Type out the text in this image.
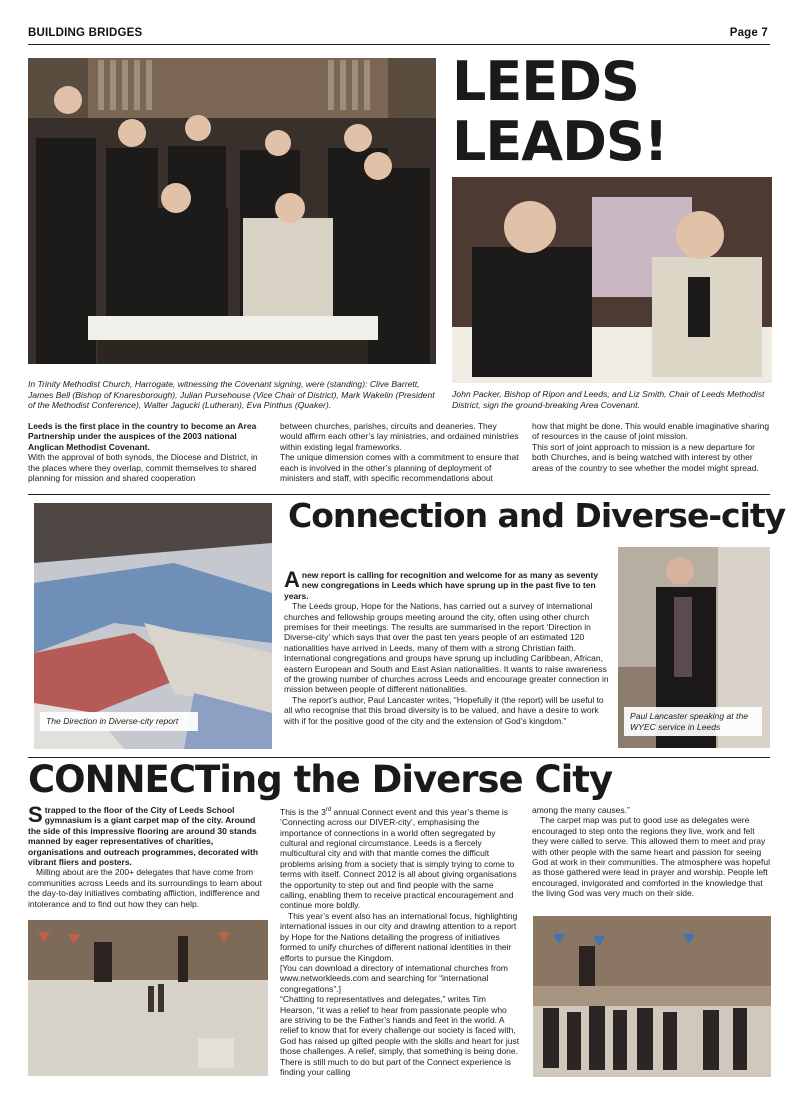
BUILDING BRIDGES	Page 7
LEEDS
LEADS!
In Trinity Methodist Church, Harrogate, witnessing the Covenant signing, were (standing): Clive Barrett, James Bell (Bishop of Knaresborough), Julian Pursehouse (Vice Chair of District), Mark Wakelin (President of the Methodist Conference), Walter Jagucki (Lutheran), Eva Pinthus (Quaker).
John Packer, Bishop of Ripon and Leeds, and Liz Smith, Chair of Leeds Methodist District, sign the ground-breaking Area Covenant.

Leeds is the first place in the country to become an Area Partnership under the auspices of the 2003 national Anglican Methodist Covenant.

With the approval of both synods, the Diocese and District, in the places where they overlap, commit themselves to shared planning for mission and shared cooperation

between churches, parishes, circuits and deaneries. They would affirm each other’s lay ministries, and ordained ministries within existing legal frameworks.

The unique dimension comes with a commitment to ensure that each is involved in the other’s planning of deployment of ministers and staff, with specific recommendations about

how that might be done. This would enable imaginative sharing of resources in the cause of joint mission.

This sort of joint approach to mission is a new departure for both Churches, and is being watched with interest by other areas of the country to see whether the model might spread.

The Direction in Diverse-city report
Connection and Diverse-city

Anew report is calling for recognition and welcome for as many as seventy new congregations in Leeds which have sprung up in the past five to ten years.

The Leeds group, Hope for the Nations, has carried out a survey of international churches and fellowship groups meeting around the city, often using other church premises for their meetings. The results are summarised in the report ‘Direction in Diverse-city’ which says that over the past ten years people of an estimated 120 nationalities have arrived in Leeds, many of them with a strong Christian faith. International congregations and groups have sprung up including Caribbean, African, eastern European and South and East Asian nationalities. It wants to raise awareness of the growing number of churches across Leeds and encourage greater connection in mission between people of different nationalities.

The report’s author, Paul Lancaster writes, “Hopefully it (the report) will be useful to all who recognise that this broad diversity is to be valued, and have a desire to work with if for the positive good of the city and the extension of God’s kingdom.”	Paul Lancaster speaking at the WYEC service in Leeds
CONNECTing the Diverse City

Strapped to the floor of the City of Leeds School gymnasium is a giant carpet map of the city. Around the side of this impressive flooring are around 30 stands manned by eager representatives of charities, organisations and outreach programmes, decorated with vibrant fliers and posters.

Milling about are the 200+ delegates that have come from communities across Leeds and its surroundings to learn about the day-to-day initiatives combating affliction, indifference and intolerance and to find out how they can help.

This is the 3rd annual Connect event and this year’s theme is ‘Connecting across our DIVER-city’, emphasising the importance of connections in a world often segregated by cultural and regional circumstance. Leeds is a fiercely multicultural city and with that mantle comes the difficult problems arising from a society that is simply trying to come to terms with itself. Connect 2012 is all about giving organisations the opportunity to step out and find people with the same calling, enabling them to receive practical encouragement and continue more boldly.

This year’s event also has an international focus, highlighting international issues in our city and drawing attention to a report by Hope for the Nations detailing the progress of initiatives formed to unify churches of different national identities in their efforts to pursue the Kingdom.

[You can download a directory of international churches from www.networkleeds.com and searching for “international congregations”.]

“Chatting to representatives and delegates,” writes Tim Hearson, “it was a relief to hear from passionate people who are striving to be the Father’s hands and feet in the world. A relief to know that for every challenge our society is faced with, God has raised up gifted people with the skills and heart for just those challenges. A relief, simply, that something is being done. There is still much to do but part of the Connect experience is finding your calling

among the many causes.”

The carpet map was put to good use as delegates were encouraged to step onto the regions they live, work and felt they were called to serve. This allowed them to meet and pray with other people with the same heart and passion for seeing God at work in their communities. The atmosphere was hopeful as those gathered were lead in prayer and worship. People left encouraged, invigorated and comforted in the knowledge that the living God was very much on their side.
